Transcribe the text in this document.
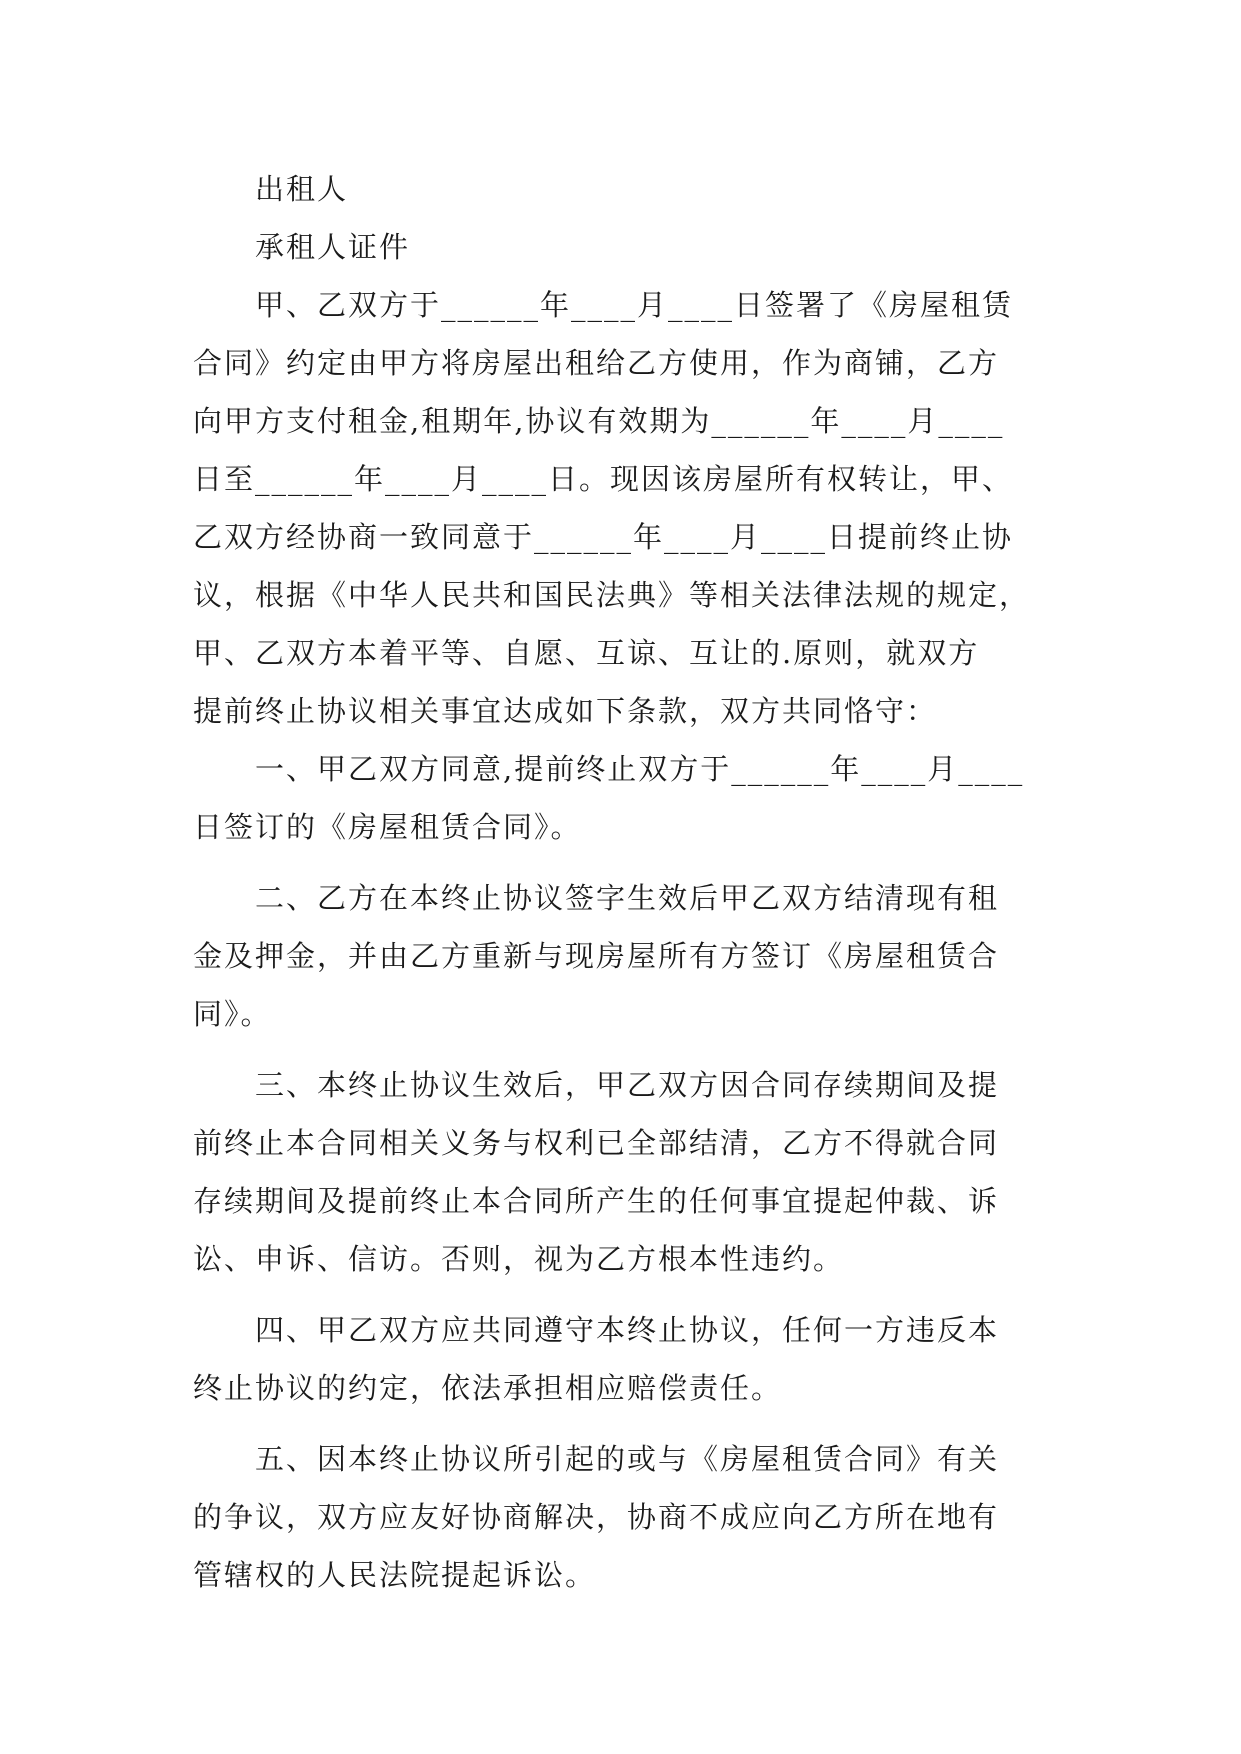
出租人

承租人证件

甲、乙双方于______年____月____日签署了《房屋租赁

合同》约定由甲方将房屋出租给乙方使用，作为商铺，乙方

向甲方支付租金,租期年,协议有效期为______年____月____

日至______年____月____日。现因该房屋所有权转让，甲、

乙双方经协商一致同意于______年____月____日提前终止协

议，根据《中华人民共和国民法典》等相关法律法规的规定，

甲、乙双方本着平等、自愿、互谅、互让的.原则，就双方

提前终止协议相关事宜达成如下条款，双方共同恪守：

一、甲乙双方同意,提前终止双方于______年____月____

日签订的《房屋租赁合同》。

二、乙方在本终止协议签字生效后甲乙双方结清现有租

金及押金，并由乙方重新与现房屋所有方签订《房屋租赁合

同》。

三、本终止协议生效后，甲乙双方因合同存续期间及提

前终止本合同相关义务与权利已全部结清，乙方不得就合同

存续期间及提前终止本合同所产生的任何事宜提起仲裁、诉

讼、申诉、信访。否则，视为乙方根本性违约。

四、甲乙双方应共同遵守本终止协议，任何一方违反本

终止协议的约定，依法承担相应赔偿责任。

五、因本终止协议所引起的或与《房屋租赁合同》有关

的争议，双方应友好协商解决，协商不成应向乙方所在地有

管辖权的人民法院提起诉讼。
